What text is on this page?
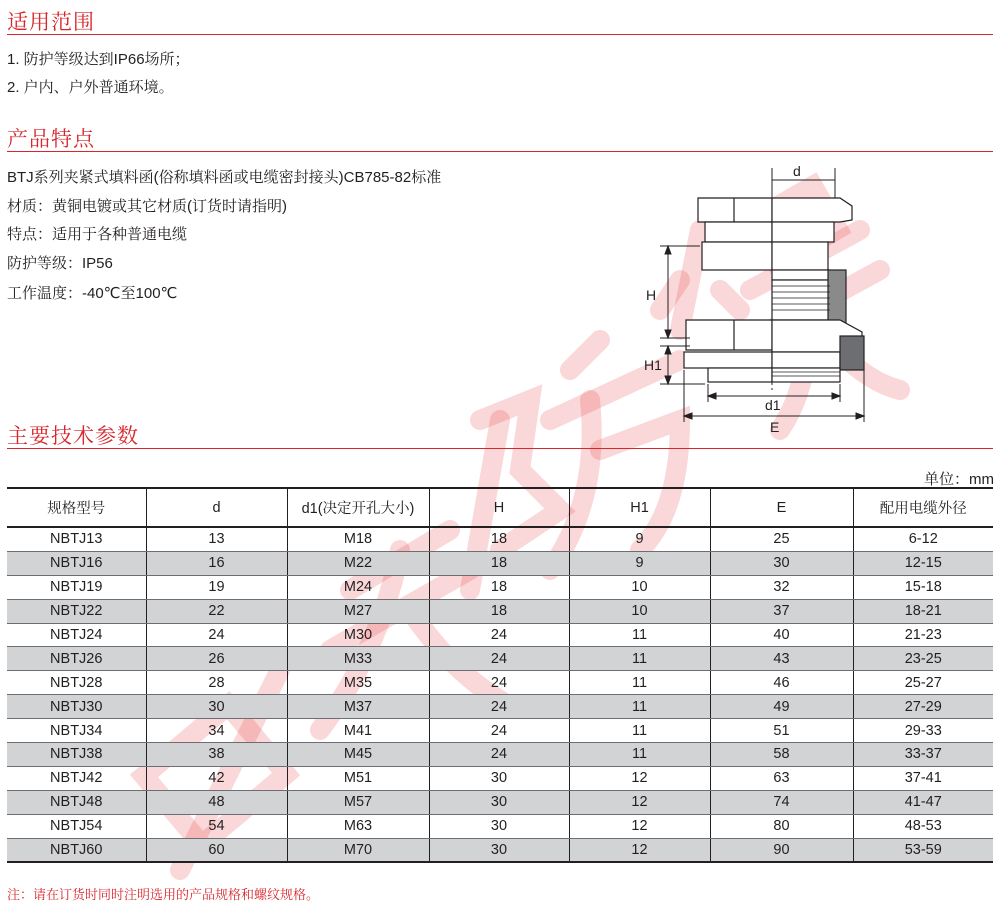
适用范围
1. 防护等级达到IP66场所；
2. 户内、户外普通环境。
产品特点
BTJ系列夹紧式填料函(俗称填料函或电缆密封接头)CB785-82标准
材质：黄铜电镀或其它材质(订货时请指明)
特点：适用于各种普通电缆
防护等级：IP56
工作温度：-40℃至100℃
d
H
H1
d1
E
主要技术参数
单位：mm
规格型号	d	d1(决定开孔大小)	H	H1	E	配用电缆外径
NBTJ13	13	M18	18	9	25	6-12
NBTJ16	16	M22	18	9	30	12-15
NBTJ19	19	M24	18	10	32	15-18
NBTJ22	22	M27	18	10	37	18-21
NBTJ24	24	M30	24	11	40	21-23
NBTJ26	26	M33	24	11	43	23-25
NBTJ28	28	M35	24	11	46	25-27
NBTJ30	30	M37	24	11	49	27-29
NBTJ34	34	M41	24	11	51	29-33
NBTJ38	38	M45	24	11	58	33-37
NBTJ42	42	M51	30	12	63	37-41
NBTJ48	48	M57	30	12	74	41-47
NBTJ54	54	M63	30	12	80	48-53
NBTJ60	60	M70	30	12	90	53-59
注：请在订货时同时注明选用的产品规格和螺纹规格。
